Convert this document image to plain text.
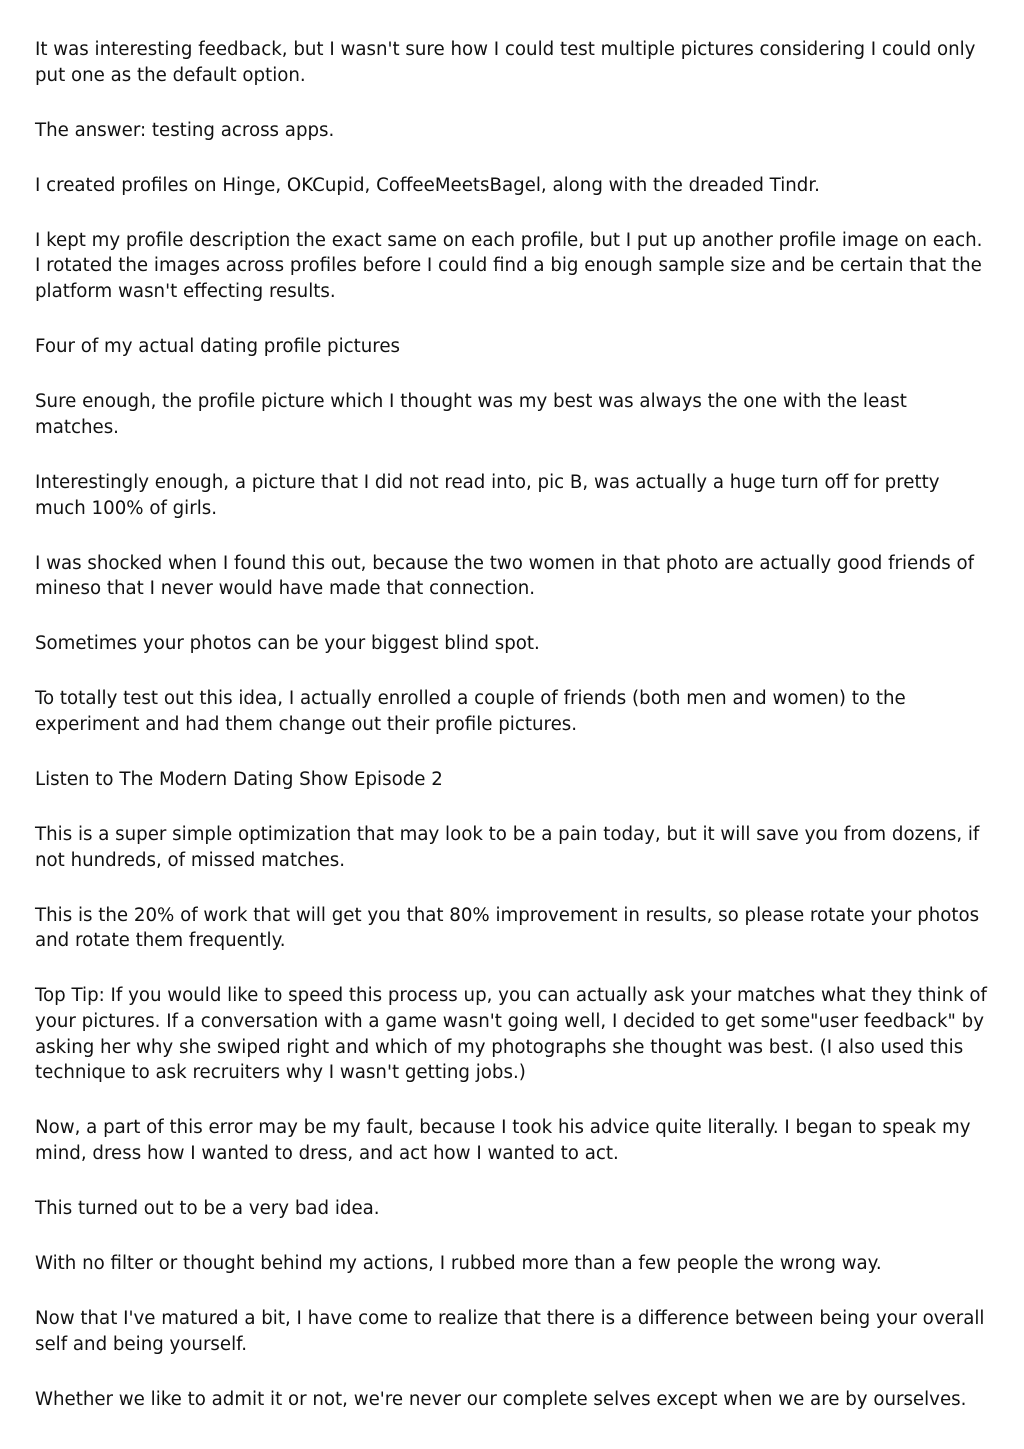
It was interesting feedback, but I wasn't sure how I could test multiple pictures considering I could only put one as the default option.

The answer: testing across apps.

I created profiles on Hinge, OKCupid, CoffeeMeetsBagel, along with the dreaded Tindr.

I kept my profile description the exact same on each profile, but I put up another profile image on each. I rotated the images across profiles before I could find a big enough sample size and be certain that the platform wasn't effecting results.

Four of my actual dating profile pictures

Sure enough, the profile picture which I thought was my best was always the one with the least matches.

Interestingly enough, a picture that I did not read into, pic B, was actually a huge turn off for pretty much 100% of girls.

I was shocked when I found this out, because the two women in that photo are actually good friends of mineso that I never would have made that connection.

Sometimes your photos can be your biggest blind spot.

To totally test out this idea, I actually enrolled a couple of friends (both men and women) to the experiment and had them change out their profile pictures.

Listen to The Modern Dating Show Episode 2

This is a super simple optimization that may look to be a pain today, but it will save you from dozens, if not hundreds, of missed matches.

This is the 20% of work that will get you that 80% improvement in results, so please rotate your photos and rotate them frequently.

Top Tip: If you would like to speed this process up, you can actually ask your matches what they think of your pictures. If a conversation with a game wasn't going well, I decided to get some"user feedback" by asking her why she swiped right and which of my photographs she thought was best. (I also used this technique to ask recruiters why I wasn't getting jobs.)

Now, a part of this error may be my fault, because I took his advice quite literally. I began to speak my mind, dress how I wanted to dress, and act how I wanted to act.

This turned out to be a very bad idea.

With no filter or thought behind my actions, I rubbed more than a few people the wrong way.

Now that I've matured a bit, I have come to realize that there is a difference between being your overall self and being yourself.

Whether we like to admit it or not, we're never our complete selves except when we are by ourselves.
